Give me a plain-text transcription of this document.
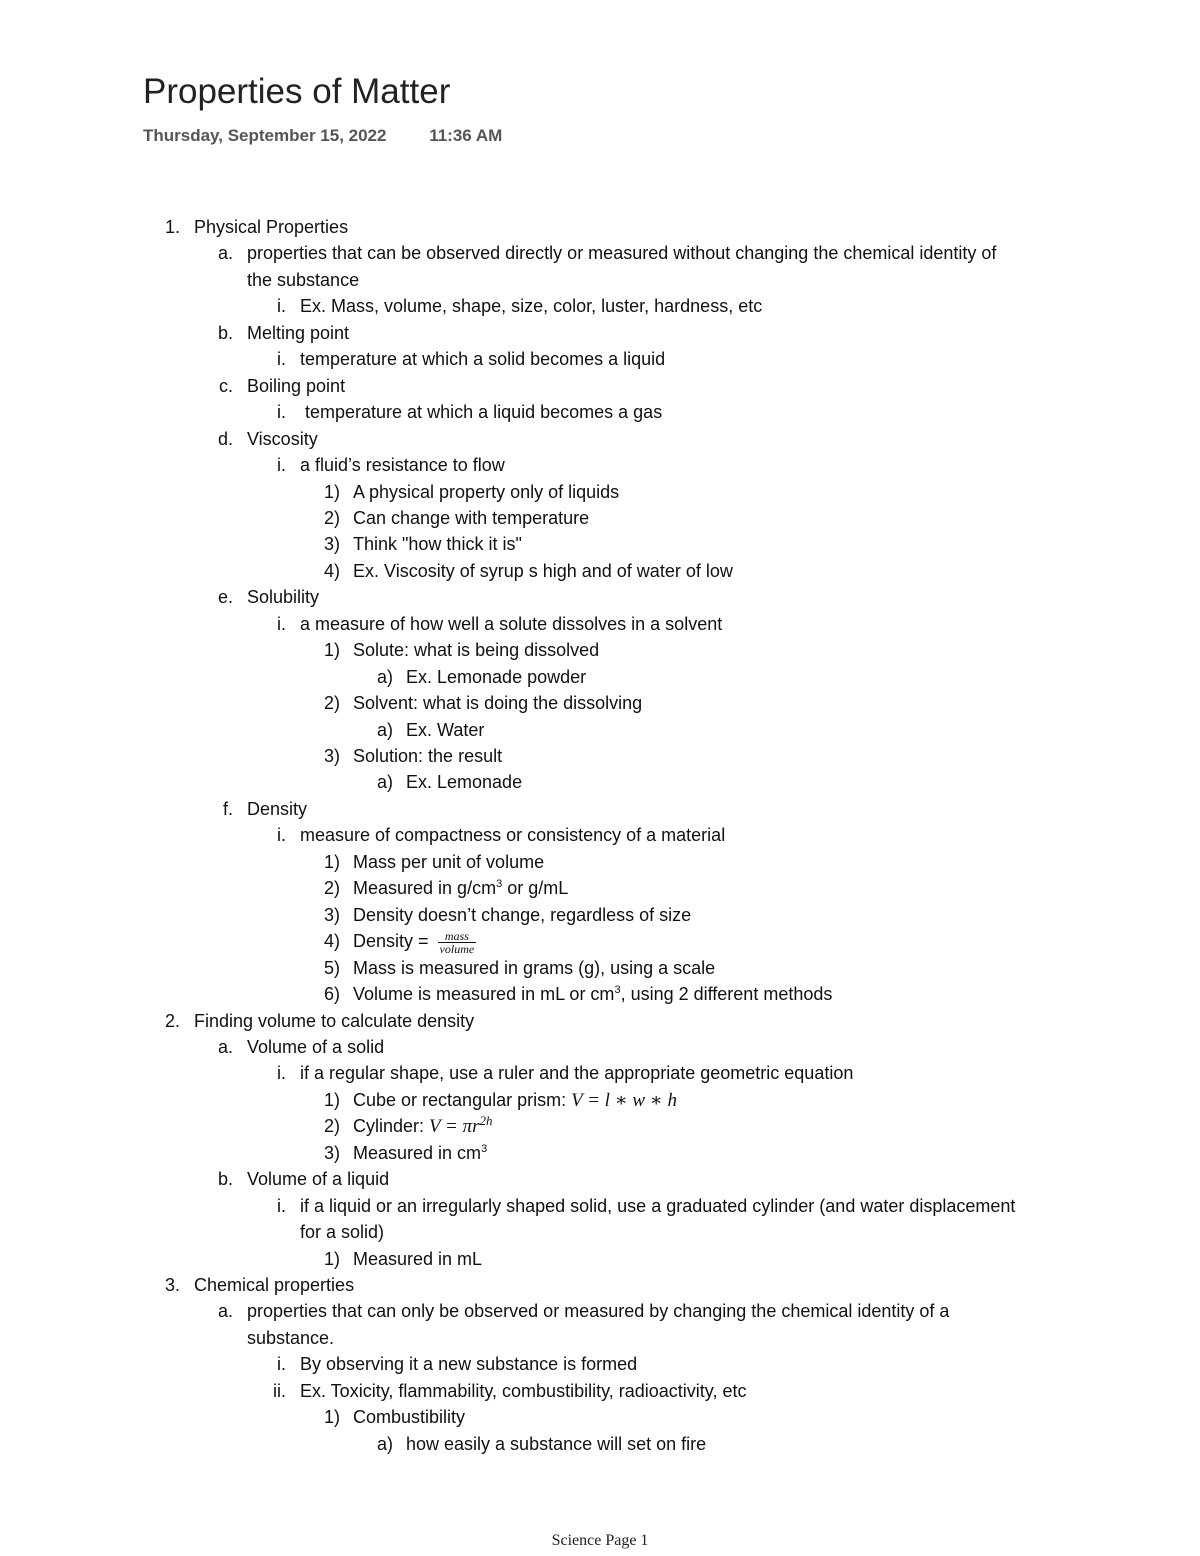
Properties of Matter
Thursday, September 15, 2022	11:36 AM
1. Physical Properties
a. properties that can be observed directly or measured without changing the chemical identity of
the substance
i. Ex. Mass, volume, shape, size, color, luster, hardness, etc
b. Melting point
i. temperature at which a solid becomes a liquid
c. Boiling point
i. temperature at which a liquid becomes a gas
d. Viscosity
i. a fluid’s resistance to flow
1) A physical property only of liquids
2) Can change with temperature
3) Think "how thick it is"
4) Ex. Viscosity of syrup s high and of water of low
e. Solubility
i. a measure of how well a solute dissolves in a solvent
1) Solute: what is being dissolved
a) Ex. Lemonade powder
2) Solvent: what is doing the dissolving
a) Ex. Water
3) Solution: the result
a) Ex. Lemonade
f. Density
i. measure of compactness or consistency of a material
1) Mass per unit of volume
2) Measured in $g/cm^3$ or g/mL
3) Density doesn’t change, regardless of size
4) Density = $\frac{\text{mass}}{\text{volume}}$
5) Mass is measured in grams (g), using a scale
6) Volume is measured in mL or $cm^3$, using 2 different methods
2. Finding volume to calculate density
a. Volume of a solid
i. if a regular shape, use a ruler and the appropriate geometric equation
1) Cube or rectangular prism: V = l ∗ w ∗ h
2) Cylinder: $V = \pi r^{2h}$
3) Measured in $cm^3$
b. Volume of a liquid
i. if a liquid or an irregularly shaped solid, use a graduated cylinder (and water displacement
for a solid)
1) Measured in mL
3. Chemical properties
a. properties that can only be observed or measured by changing the chemical identity of a
substance.
i. By observing it a new substance is formed
ii. Ex. Toxicity, flammability, combustibility, radioactivity, etc
1) Combustibility
a) how easily a substance will set on fire
Science Page 1
